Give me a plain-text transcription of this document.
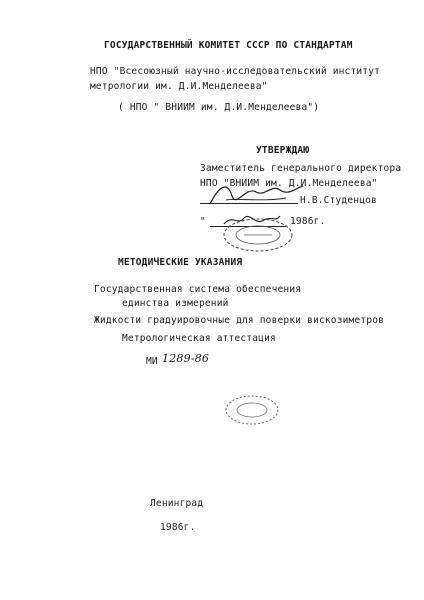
ГОСУДАРСТВЕННЫЙ КОМИТЕТ СССР ПО СТАНДАРТАМ
НПО "Всесоюзный научно-исследовательский институт
метрологии им. Д.И.Менделеева"
( НПО " ВНИИМ им. Д.И.Менделеева")
УТВЕРЖДАЮ
Заместитель генерального директора
НПО "ВНИИМ им. Д.И.Менделеева"
Н.В.Студенцов
"	1986г.
МЕТОДИЧЕСКИЕ УКАЗАНИЯ
Государственная система обеспечения
единства измерений
Жидкости градуировочные для поверки вискозиметров
Метрологическая аттестация
МИ 1289-86
Ленинград
1986г.
